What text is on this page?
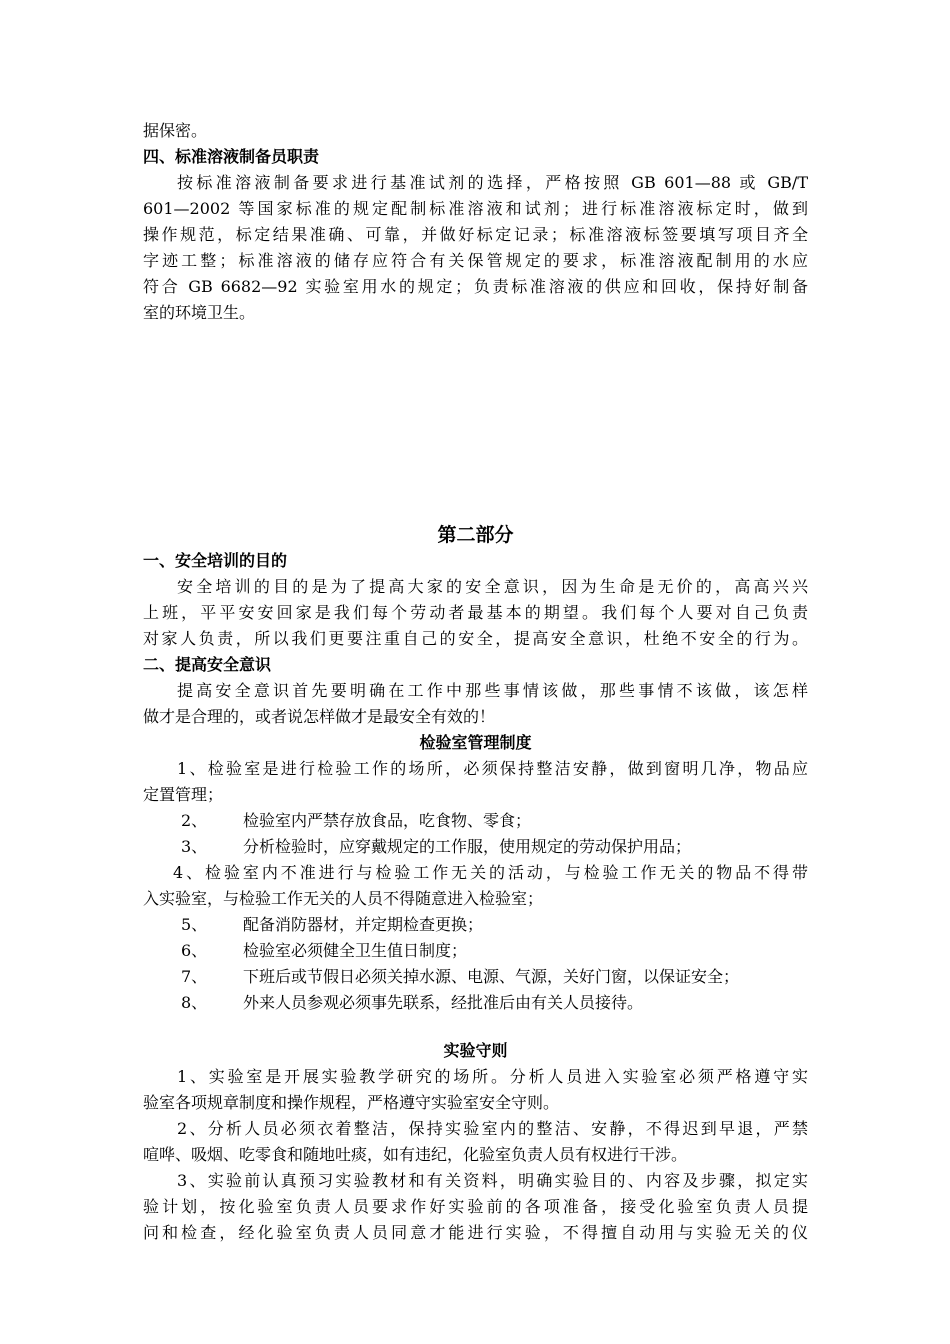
据保密。
四、标准溶液制备员职责
按标准溶液制备要求进行基准试剂的选择，严格按照 GB 601—88 或 GB/T
601—2002 等国家标准的规定配制标准溶液和试剂；进行标准溶液标定时，做到
操作规范，标定结果准确、可靠，并做好标定记录；标准溶液标签要填写项目齐全
字迹工整；标准溶液的储存应符合有关保管规定的要求，标准溶液配制用的水应
符合 GB 6682—92 实验室用水的规定；负责标准溶液的供应和回收，保持好制备
室的环境卫生。
第二部分
一、安全培训的目的
安全培训的目的是为了提高大家的安全意识，因为生命是无价的，高高兴兴
上班，平平安安回家是我们每个劳动者最基本的期望。我们每个人要对自己负责
对家人负责，所以我们更要注重自己的安全，提高安全意识，杜绝不安全的行为。
二、提高安全意识
提高安全意识首先要明确在工作中那些事情该做，那些事情不该做，该怎样
做才是合理的，或者说怎样做才是最安全有效的！
检验室管理制度
1、检验室是进行检验工作的场所，必须保持整洁安静，做到窗明几净，物品应
定置管理；
2、 检验室内严禁存放食品，吃食物、零食；
3、 分析检验时，应穿戴规定的工作服，使用规定的劳动保护用品；
4、检验室内不准进行与检验工作无关的活动，与检验工作无关的物品不得带
入实验室，与检验工作无关的人员不得随意进入检验室；
5、 配备消防器材，并定期检查更换；
6、 检验室必须健全卫生值日制度；
7、 下班后或节假日必须关掉水源、电源、气源，关好门窗，以保证安全；
8、 外来人员参观必须事先联系，经批准后由有关人员接待。
实验守则
1、实验室是开展实验教学研究的场所。分析人员进入实验室必须严格遵守实
验室各项规章制度和操作规程，严格遵守实验室安全守则。
2、分析人员必须衣着整洁，保持实验室内的整洁、安静，不得迟到早退，严禁
喧哗、吸烟、吃零食和随地吐痰，如有违纪，化验室负责人员有权进行干涉。
3、实验前认真预习实验教材和有关资料，明确实验目的、内容及步骤，拟定实
验计划，按化验室负责人员要求作好实验前的各项准备，接受化验室负责人员提
问和检查，经化验室负责人员同意才能进行实验，不得擅自动用与实验无关的仪
